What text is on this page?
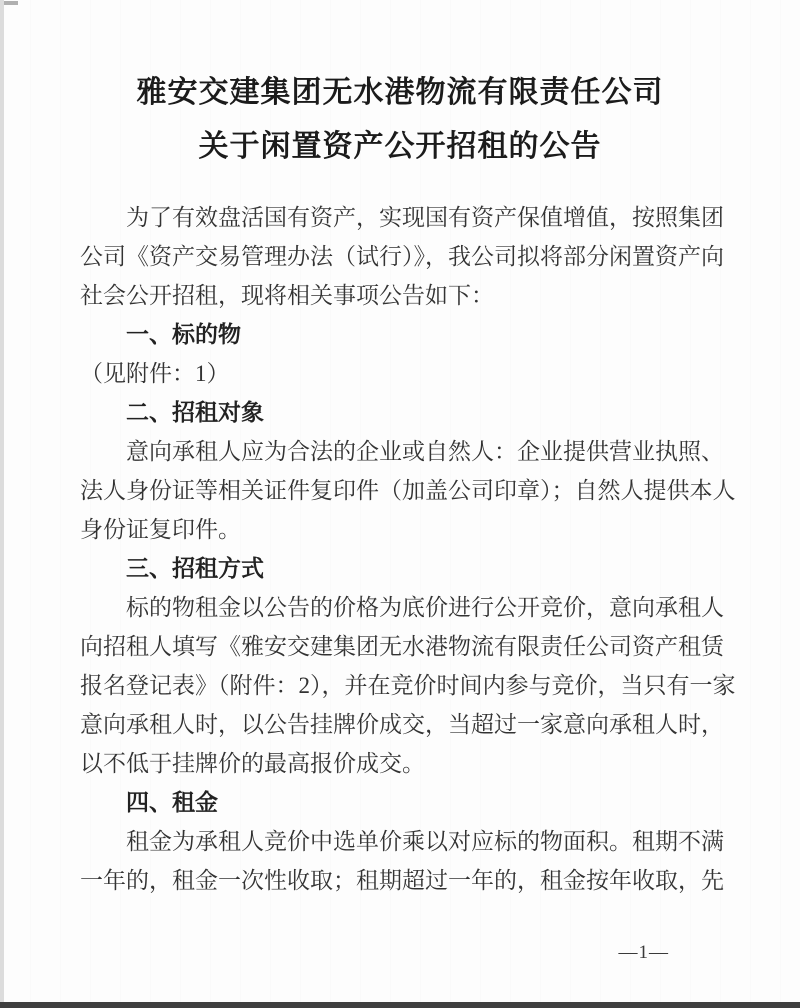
雅安交建集团无水港物流有限责任公司
关于闲置资产公开招租的公告
为了有效盘活国有资产，实现国有资产保值增值，按照集团
公司《资产交易管理办法（试行）》，我公司拟将部分闲置资产向
社会公开招租，现将相关事项公告如下：
一、标的物
（见附件：1）
二、招租对象
意向承租人应为合法的企业或自然人：企业提供营业执照、
法人身份证等相关证件复印件（加盖公司印章）；自然人提供本人
身份证复印件。
三、招租方式
标的物租金以公告的价格为底价进行公开竞价，意向承租人
向招租人填写《雅安交建集团无水港物流有限责任公司资产租赁
报名登记表》（附件：2），并在竞价时间内参与竞价，当只有一家
意向承租人时，以公告挂牌价成交，当超过一家意向承租人时，
以不低于挂牌价的最高报价成交。
四、租金
租金为承租人竞价中选单价乘以对应标的物面积。租期不满
一年的，租金一次性收取；租期超过一年的，租金按年收取，先
—1—
